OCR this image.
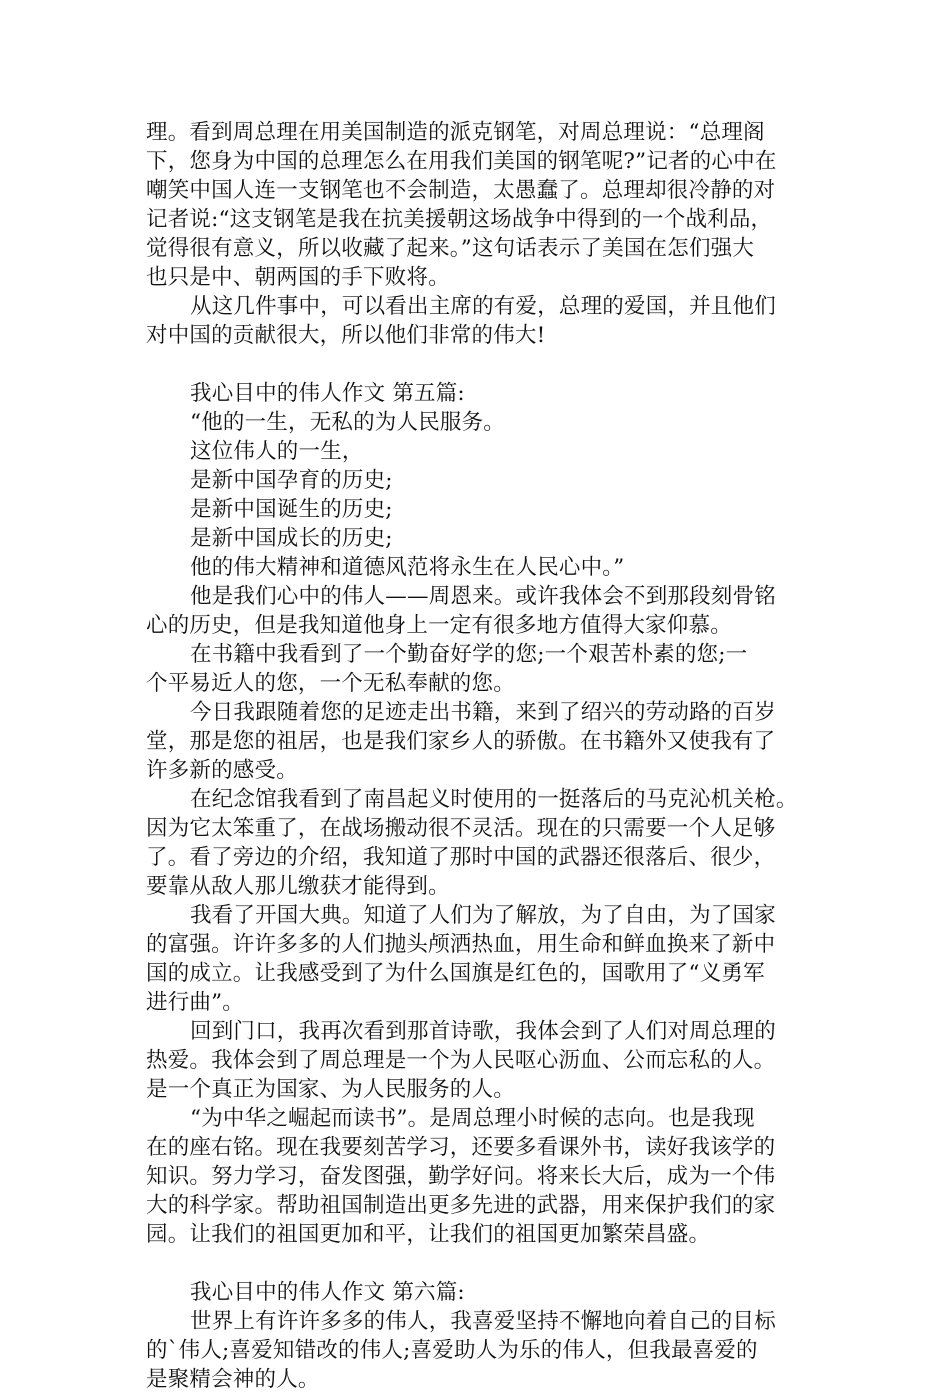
理。看到周总理在用美国制造的派克钢笔，对周总理说：“总理阁

下，您身为中国的总理怎么在用我们美国的钢笔呢?”记者的心中在

嘲笑中国人连一支钢笔也不会制造，太愚蠢了。总理却很冷静的对

记者说:“这支钢笔是我在抗美援朝这场战争中得到的一个战利品，

觉得很有意义，所以收藏了起来。”这句话表示了美国在怎们强大

也只是中、朝两国的手下败将。

从这几件事中，可以看出主席的有爱，总理的爱国，并且他们

对中国的贡献很大，所以他们非常的伟大!

我心目中的伟人作文 第五篇:

“他的一生，无私的为人民服务。

这位伟人的一生，

是新中国孕育的历史;

是新中国诞生的历史;

是新中国成长的历史;

他的伟大精神和道德风范将永生在人民心中。”

他是我们心中的伟人——周恩来。或许我体会不到那段刻骨铭

心的历史，但是我知道他身上一定有很多地方值得大家仰慕。

在书籍中我看到了一个勤奋好学的您;一个艰苦朴素的您;一

个平易近人的您，一个无私奉献的您。

今日我跟随着您的足迹走出书籍，来到了绍兴的劳动路的百岁

堂，那是您的祖居，也是我们家乡人的骄傲。在书籍外又使我有了

许多新的感受。

在纪念馆我看到了南昌起义时使用的一挺落后的马克沁机关枪。

因为它太笨重了，在战场搬动很不灵活。现在的只需要一个人足够

了。看了旁边的介绍，我知道了那时中国的武器还很落后、很少，

要靠从敌人那儿缴获才能得到。

我看了开国大典。知道了人们为了解放，为了自由，为了国家

的富强。许许多多的人们抛头颅洒热血，用生命和鲜血换来了新中

国的成立。让我感受到了为什么国旗是红色的，国歌用了“义勇军

进行曲”。

回到门口，我再次看到那首诗歌，我体会到了人们对周总理的

热爱。我体会到了周总理是一个为人民呕心沥血、公而忘私的人。

是一个真正为国家、为人民服务的人。

“为中华之崛起而读书”。是周总理小时候的志向。也是我现

在的座右铭。现在我要刻苦学习，还要多看课外书，读好我该学的

知识。努力学习，奋发图强，勤学好问。将来长大后，成为一个伟

大的科学家。帮助祖国制造出更多先进的武器，用来保护我们的家

园。让我们的祖国更加和平，让我们的祖国更加繁荣昌盛。

我心目中的伟人作文 第六篇:

世界上有许许多多的伟人，我喜爱坚持不懈地向着自己的目标

的`伟人;喜爱知错改的伟人;喜爱助人为乐的伟人，但我最喜爱的

是聚精会神的人。
